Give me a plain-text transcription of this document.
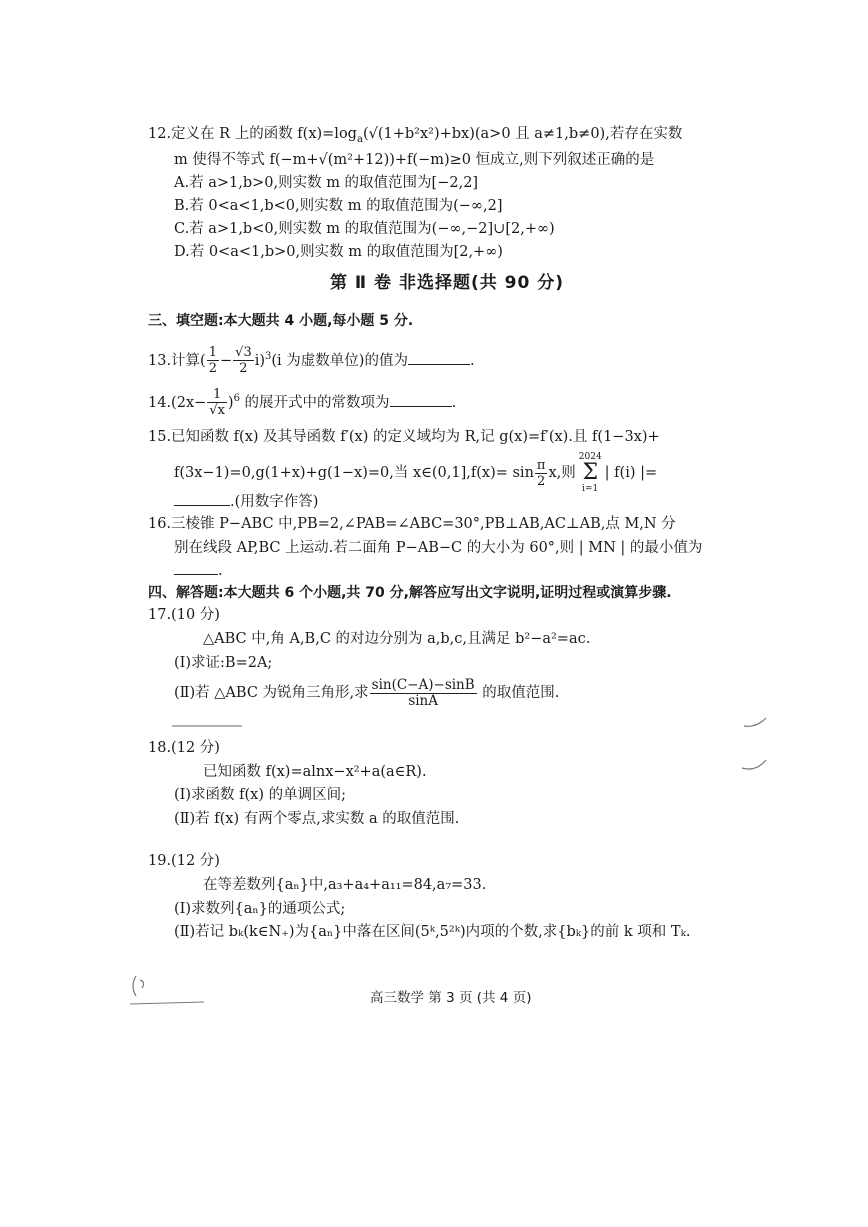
12.定义在 R 上的函数 $f(x)=\log_a(√(1+b^2x^2)+bx)(a>0$ 且 a≠1,b≠0),若存在实数
m 使得不等式 f(−m+√(m²+12))+f(−m)≥0 恒成立,则下列叙述正确的是
A.若 a>1,b>0,则实数 m 的取值范围为[−2,2]
B.若 0<a<1,b<0,则实数 m 的取值范围为(−∞,2]
C.若 a>1,b<0,则实数 m 的取值范围为(−∞,−2]∪[2,+∞)
D.若 0<a<1,b>0,则实数 m 的取值范围为[2,+∞)
第 Ⅱ 卷 非选择题(共 90 分)
三、填空题:本大题共 4 小题,每小题 5 分.
13.计算( $\frac{1}{2} - \frac{√3}{2} i)^3(i$ 为虚数单位)的值为	.
$14.(2x- \frac{1}{√x} )^6$ 的展开式中的常数项为	.
15.已知函数 f(x) 及其导函数 f′(x) 的定义域均为 R,记 g(x)=f′(x).且 f(1−3x)+
f(3x−1)=0,g(1+x)+g(1−x)=0,当 x∈(0,1],f(x)= $\sin \frac{\pi}{2} x$,则2024
Σ
i=1| f(i) |=
.(用数字作答)
16.三棱锥 P−ABC 中,PB=2,∠PAB=∠ABC=30°,PB⊥AB,AC⊥AB,点 M,N 分
别在线段 AP,BC 上运动.若二面角 P−AB−C 的大小为 60°,则 | MN | 的最小值为
.
四、解答题:本大题共 6 个小题,共 70 分,解答应写出文字说明,证明过程或演算步骤.
17.(10 分)
△ABC 中,角 A,B,C 的对边分别为 a,b,c,且满足 b²−a²=ac.
(Ⅰ)求证:B=2A;
(Ⅱ)若 △ABC 为锐角三角形,求 $\frac{\sin(C-A)-\sin B}{\sin A}$ 的取值范围.
18.(12 分)
已知函数 f(x)=alnx−x²+a(a∈R).
(Ⅰ)求函数 f(x) 的单调区间;
(Ⅱ)若 f(x) 有两个零点,求实数 a 的取值范围.
19.(12 分)
在等差数列{aₙ}中,a₃+a₄+a₁₁=84,a₇=33.
(Ⅰ)求数列{aₙ}的通项公式;
(Ⅱ)若记 bₖ(k∈N₊)为{aₙ}中落在区间(5ᵏ,5²ᵏ)内项的个数,求{bₖ}的前 k 项和 Tₖ.
高三数学 第 3 页 (共 4 页)
